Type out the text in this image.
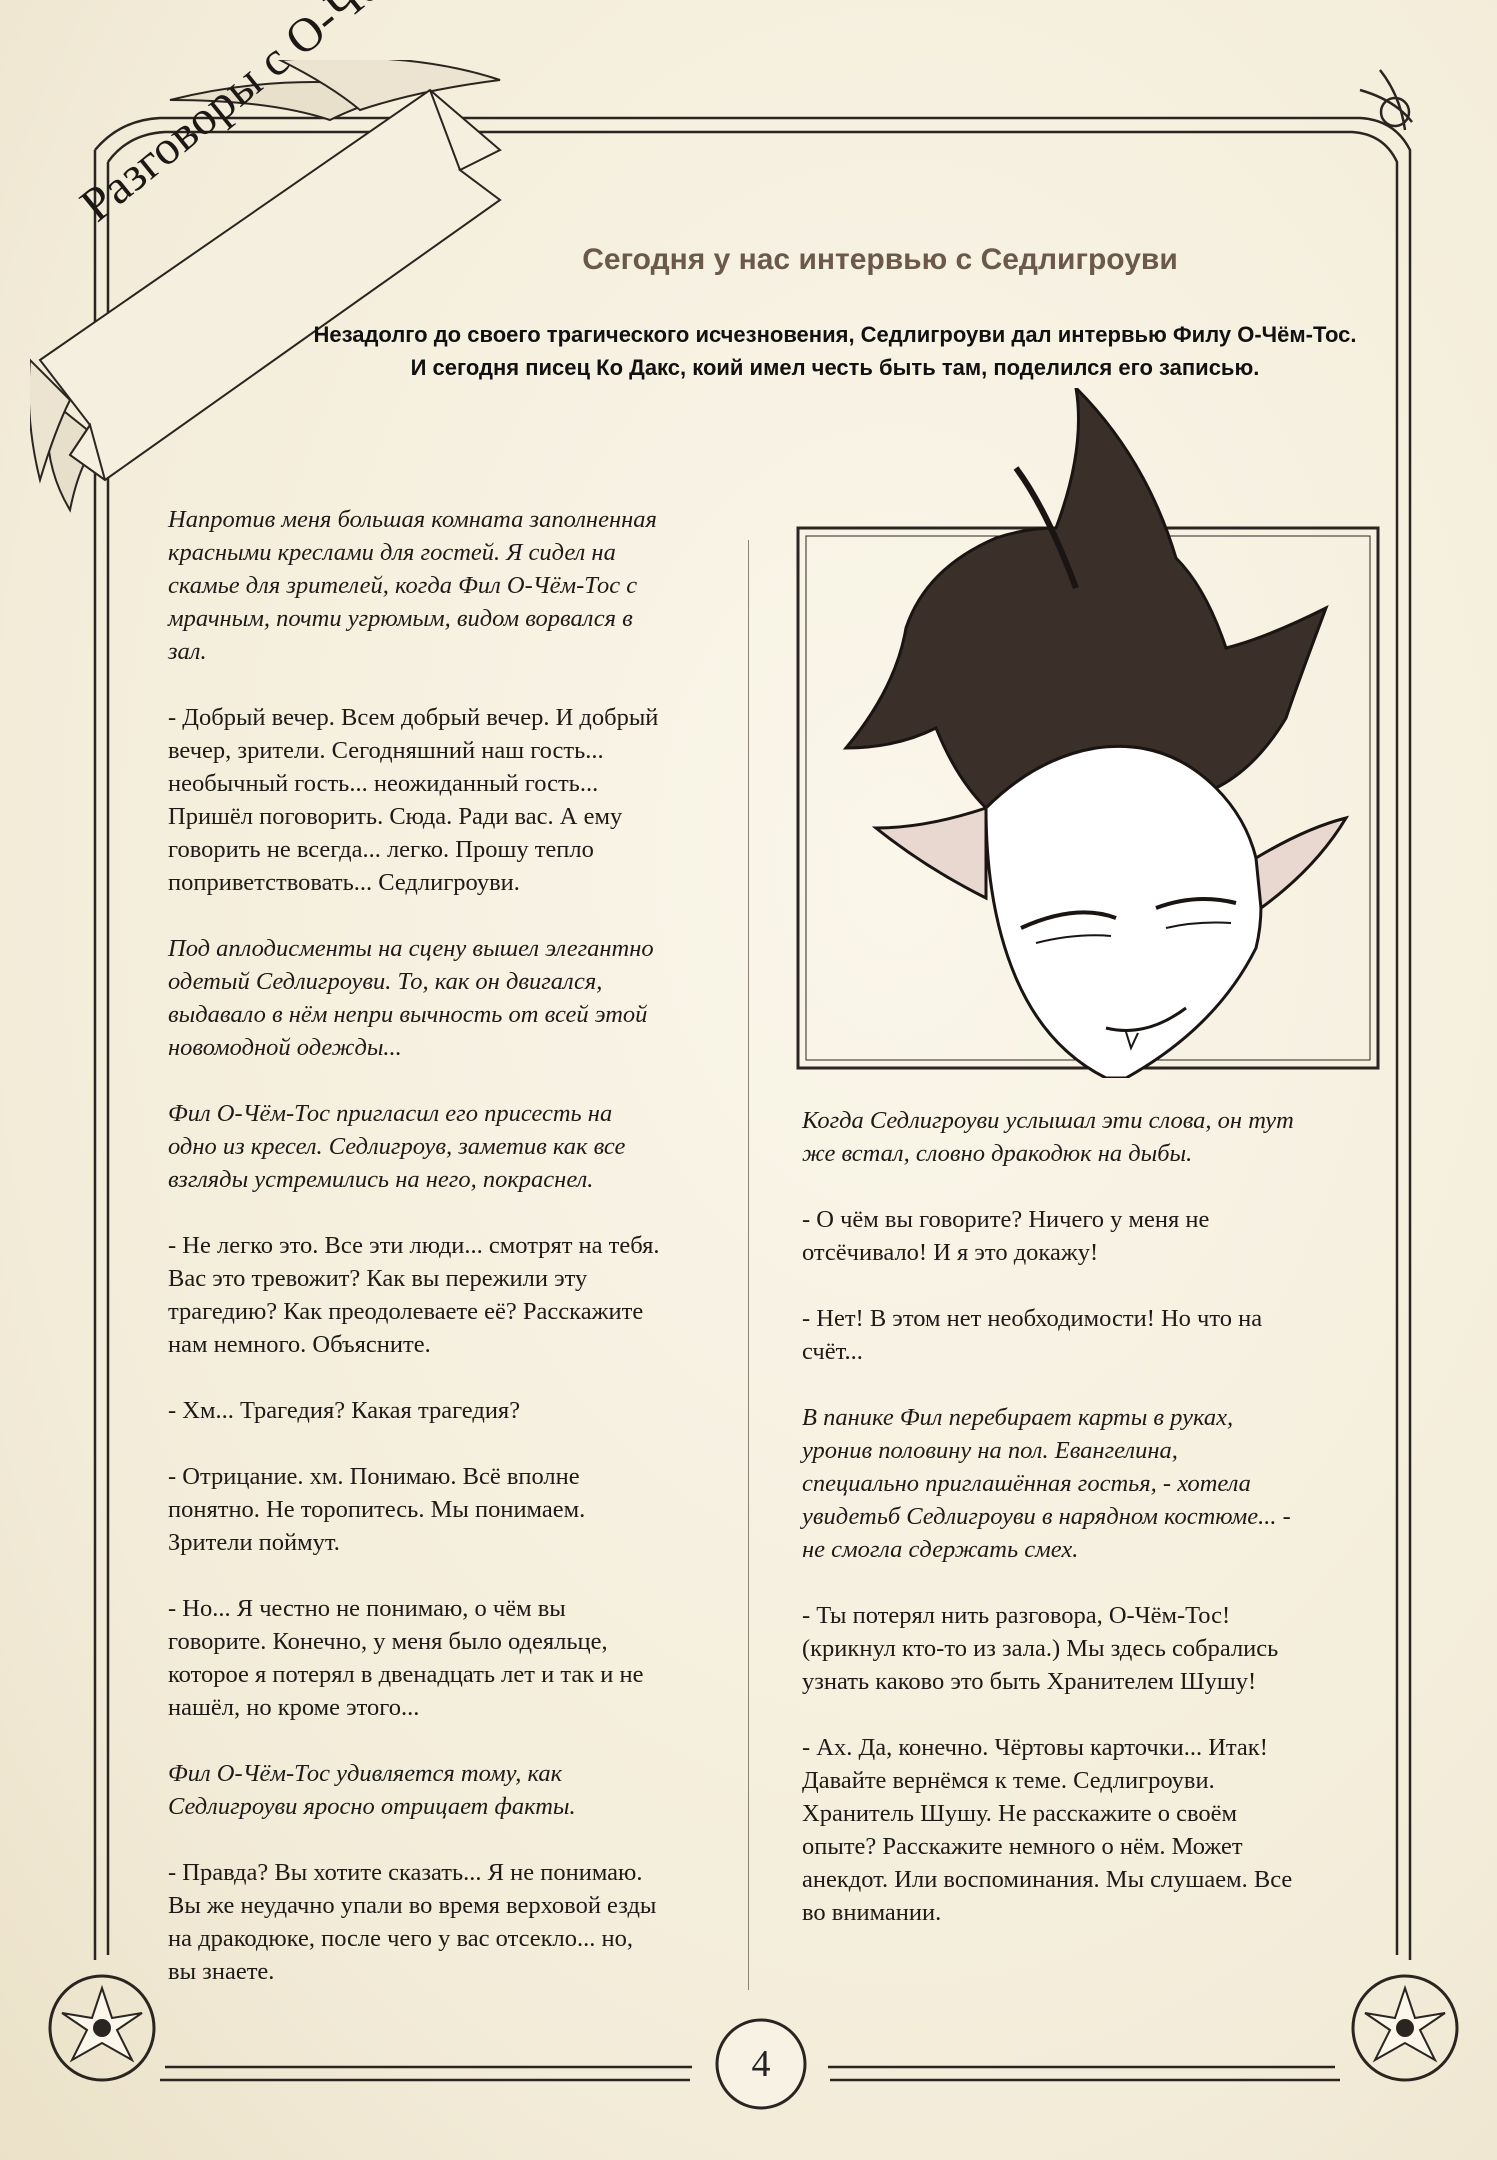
Сегодня у нас интервью с Седлигроуви
Незадолго до своего трагического исчезновения, Седлигроуви дал интервью Филу О-Чём-Тос.
И сегодня писец Ко Дакс, коий имел честь быть там, поделился его записью.

Напротив меня большая комната заполненная
красными креслами для гостей. Я сидел на
скамье для зрителей, когда Фил О-Чём-Тос с
мрачным, почти угрюмым, видом ворвался в
зал.

- Добрый вечер. Всем добрый вечер. И добрый
вечер, зрители. Сегодняшний наш гость...
необычный гость... неожиданный гость...
Пришёл поговорить. Сюда. Ради вас. А ему
говорить не всегда... легко. Прошу тепло
поприветствовать... Седлигроуви.

Под аплодисменты на сцену вышел элегантно
одетый Седлигроуви. То, как он двигался,
выдавало в нём непри вычность от всей этой
новомодной одежды...

Фил О-Чём-Тос пригласил его присесть на
одно из кресел. Седлигроув, заметив как все
взгляды устремились на него, покраснел.

- Не легко это. Все эти люди... смотрят на тебя.
Вас это тревожит? Как вы пережили эту
трагедию? Как преодолеваете её? Расскажите
нам немного. Объясните.

- Хм... Трагедия? Какая трагедия?

- Отрицание. хм. Понимаю. Всё вполне
понятно. Не торопитесь. Мы понимаем.
Зрители поймут.

- Но... Я честно не понимаю, о чём вы
говорите. Конечно, у меня было одеяльце,
которое я потерял в двенадцать лет и так и не
нашёл, но кроме этого...

Фил О-Чём-Тос удивляется тому, как
Седлигроуви яросно отрицает факты.

- Правда? Вы хотите сказать... Я не понимаю.
Вы же неудачно упали во время верховой езды
на дракодюке, после чего у вас отсекло... но,
вы знаете.

Когда Седлигроуви услышал эти слова, он тут
же встал, словно дракодюк на дыбы.

- О чём вы говорите? Ничего у меня не
отсёчивало! И я это докажу!

- Нет! В этом нет необходимости! Но что на
счёт...

В панике Фил перебирает карты в руках,
уронив половину на пол. Евангелина,
специально приглашённая гостья, - хотела
увидетьб Седлигроуви в нарядном костюме... -
не смогла сдержать смех.

- Ты потерял нить разговора, О-Чём-Тос!
(крикнул кто-то из зала.) Мы здесь собрались
узнать каково это быть Хранителем Шушу!

- Ах. Да, конечно. Чёртовы карточки... Итак!
Давайте вернёмся к теме. Седлигроуви.
Хранитель Шушу. Не расскажите о своём
опыте? Расскажите немного о нём. Может
анекдот. Или воспоминания. Мы слушаем. Все
во внимании.

4
